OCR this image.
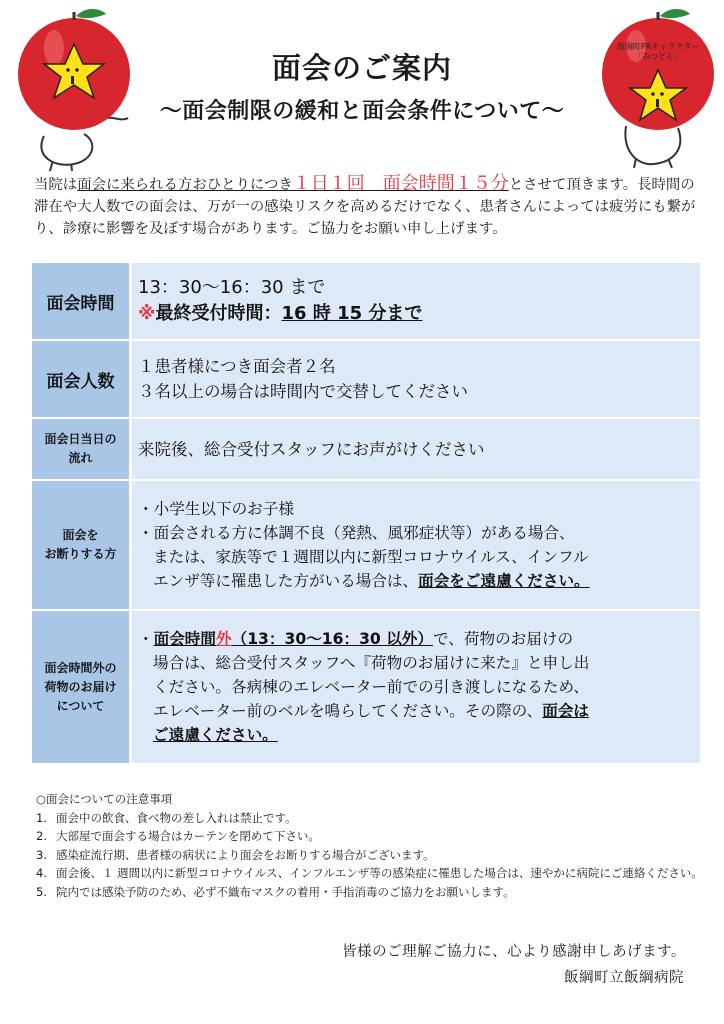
飯綱町PRキャラクター
「みつどん」
面会のご案内
～面会制限の緩和と面会条件について～
当院は面会に来られる方おひとりにつき１日１回　面会時間１５分とさせて頂きます。長時間の滞在や大人数での面会は、万が一の感染リスクを高めるだけでなく、患者さんによっては疲労にも繋がり、診療に影響を及ぼす場合があります。ご協力をお願い申し上げます。
面会時間
13：30～16：30 まで
※最終受付時間：16 時 15 分まで
面会人数
１患者様につき面会者２名
３名以上の場合は時間内で交替してください
面会日当日の
流れ	来院後、総合受付スタッフにお声がけください
面会を
お断りする方
・小学生以下のお子様
・面会される方に体調不良（発熱、風邪症状等）がある場合、
または、家族等で１週間以内に新型コロナウイルス、インフル
エンザ等に罹患した方がいる場合は、面会をご遠慮ください。
面会時間外の
荷物のお届け
について
・面会時間外（13：30～16：30 以外）で、荷物のお届けの
場合は、総合受付スタッフへ『荷物のお届けに来た』と申し出
ください。各病棟のエレベーター前での引き渡しになるため、
エレベーター前のベルを鳴らしてください。その際の、面会は
ご遠慮ください。
○面会についての注意事項
1. 面会中の飲食、食べ物の差し入れは禁止です。
2. 大部屋で面会する場合はカーテンを閉めて下さい。
3. 感染症流行期、患者様の病状により面会をお断りする場合がございます。
4. 面会後、１ 週間以内に新型コロナウイルス、インフルエンザ等の感染症に罹患した場合は、速やかに病院にご連絡ください。
5. 院内では感染予防のため、必ず不織布マスクの着用・手指消毒のご協力をお願いします。
皆様のご理解ご協力に、心より感謝申しあげます。
飯綱町立飯綱病院
